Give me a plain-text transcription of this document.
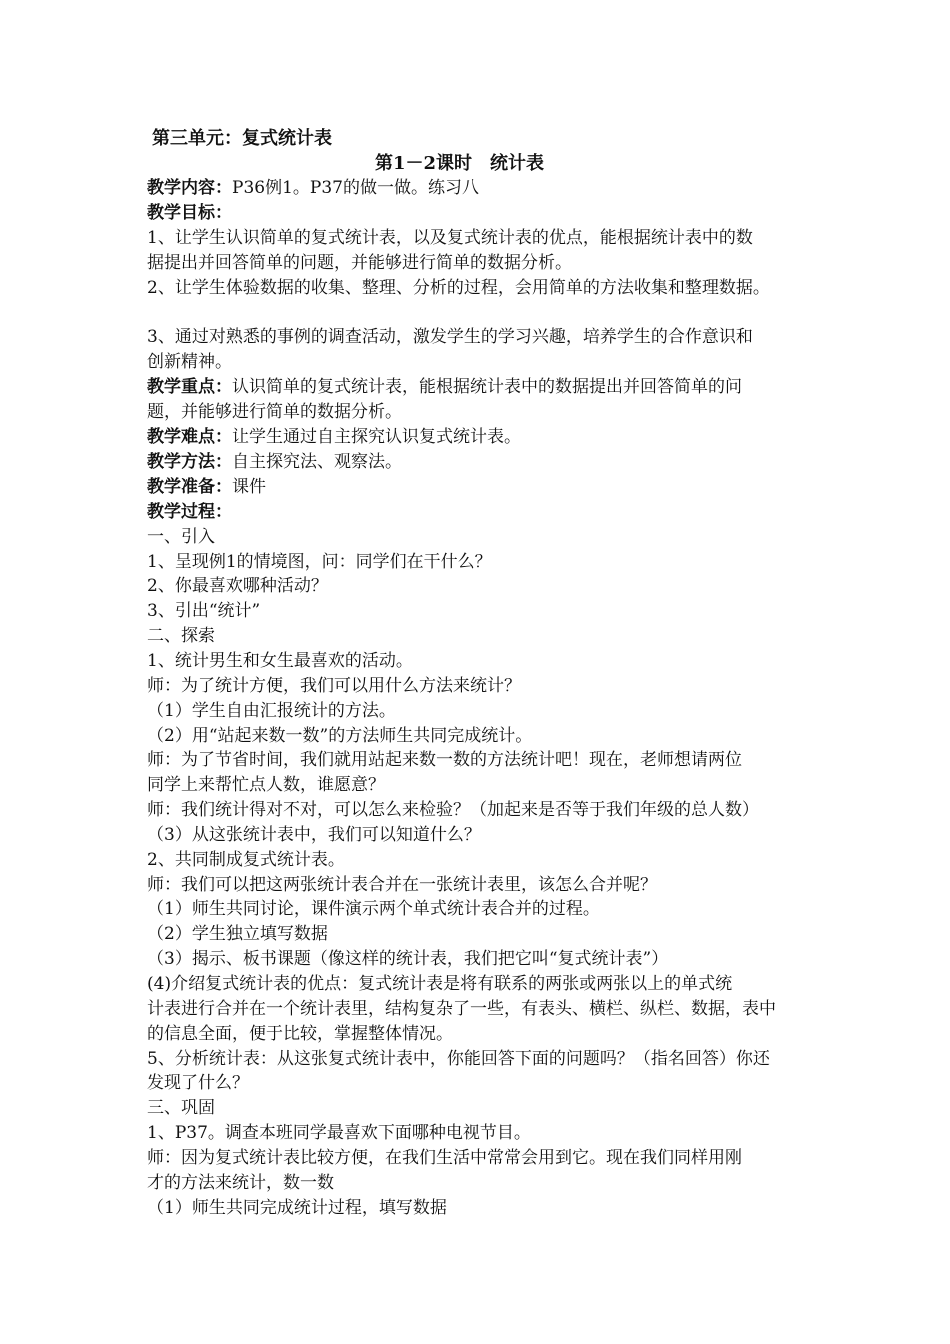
第三单元：复式统计表
第1－2课时　统计表
教学内容：P36例1。P37的做一做。练习八
教学目标：
1、让学生认识简单的复式统计表，以及复式统计表的优点，能根据统计表中的数
据提出并回答简单的问题，并能够进行简单的数据分析。
2、让学生体验数据的收集、整理、分析的过程，会用简单的方法收集和整理数据。
3、通过对熟悉的事例的调查活动，激发学生的学习兴趣，培养学生的合作意识和
创新精神。
教学重点：认识简单的复式统计表，能根据统计表中的数据提出并回答简单的问
题，并能够进行简单的数据分析。
教学难点：让学生通过自主探究认识复式统计表。
教学方法：自主探究法、观察法。
教学准备：课件
教学过程：
一、引入
1、呈现例1的情境图，问：同学们在干什么？
2、你最喜欢哪种活动？
3、引出“统计”
二、探索
1、统计男生和女生最喜欢的活动。
师：为了统计方便，我们可以用什么方法来统计？
（1）学生自由汇报统计的方法。
（2）用“站起来数一数”的方法师生共同完成统计。
师：为了节省时间，我们就用站起来数一数的方法统计吧！现在，老师想请两位
同学上来帮忙点人数，谁愿意？
师：我们统计得对不对，可以怎么来检验？（加起来是否等于我们年级的总人数）
（3）从这张统计表中，我们可以知道什么？
2、共同制成复式统计表。
师：我们可以把这两张统计表合并在一张统计表里，该怎么合并呢？
（1）师生共同讨论，课件演示两个单式统计表合并的过程。
（2）学生独立填写数据
（3）揭示、板书课题（像这样的统计表，我们把它叫“复式统计表”）
(4)介绍复式统计表的优点：复式统计表是将有联系的两张或两张以上的单式统
计表进行合并在一个统计表里，结构复杂了一些，有表头、横栏、纵栏、数据，表中
的信息全面，便于比较，掌握整体情况。
5、分析统计表：从这张复式统计表中，你能回答下面的问题吗？（指名回答）你还
发现了什么？
三、巩固
1、P37。调查本班同学最喜欢下面哪种电视节目。
师：因为复式统计表比较方便，在我们生活中常常会用到它。现在我们同样用刚
才的方法来统计，数一数
（1）师生共同完成统计过程，填写数据
